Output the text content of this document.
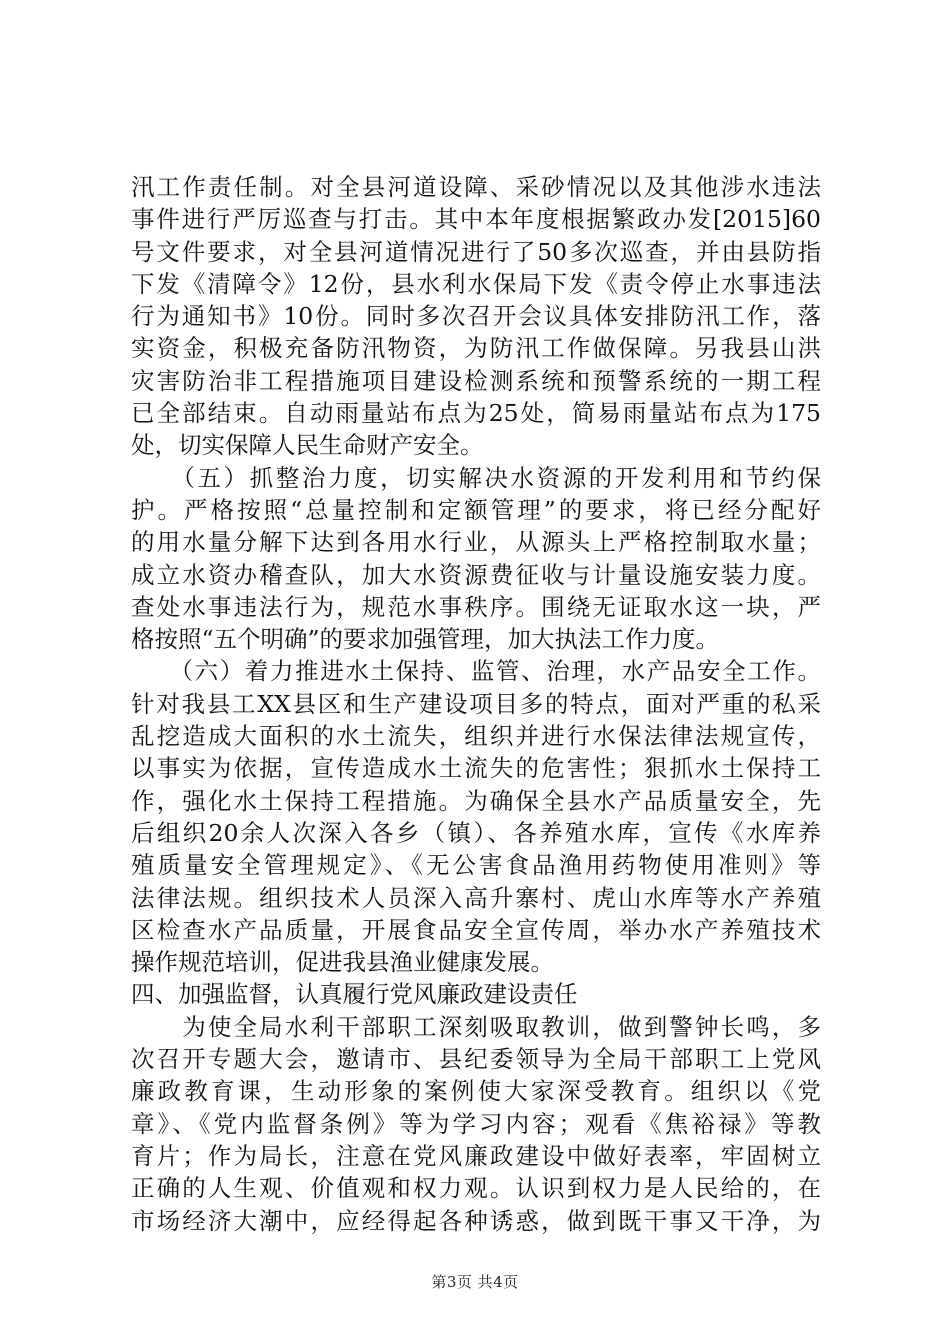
汛工作责任制。对全县河道设障、采砂情况以及其他涉水违法
事件进行严厉巡查与打击。其中本年度根据繁政办发[2015]60
号文件要求，对全县河道情况进行了50多次巡查，并由县防指
下发《清障令》12份，县水利水保局下发《责令停止水事违法
行为通知书》10份。同时多次召开会议具体安排防汛工作，落
实资金，积极充备防汛物资，为防汛工作做保障。另我县山洪
灾害防治非工程措施项目建设检测系统和预警系统的一期工程
已全部结束。自动雨量站布点为25处，简易雨量站布点为175
处，切实保障人民生命财产安全。
　　（五）抓整治力度，切实解决水资源的开发利用和节约保
护。严格按照“总量控制和定额管理”的要求，将已经分配好
的用水量分解下达到各用水行业，从源头上严格控制取水量；
成立水资办稽查队，加大水资源费征收与计量设施安装力度。
查处水事违法行为，规范水事秩序。围绕无证取水这一块，严
格按照“五个明确”的要求加强管理，加大执法工作力度。
　　（六）着力推进水土保持、监管、治理，水产品安全工作。
针对我县工XX县区和生产建设项目多的特点，面对严重的私采
乱挖造成大面积的水土流失，组织并进行水保法律法规宣传，
以事实为依据，宣传造成水土流失的危害性；狠抓水土保持工
作，强化水土保持工程措施。为确保全县水产品质量安全，先
后组织20余人次深入各乡（镇）、各养殖水库，宣传《水库养
殖质量安全管理规定》、《无公害食品渔用药物使用准则》等
法律法规。组织技术人员深入高升寨村、虎山水库等水产养殖
区检查水产品质量，开展食品安全宣传周，举办水产养殖技术
操作规范培训，促进我县渔业健康发展。
四、加强监督，认真履行党风廉政建设责任
　　为使全局水利干部职工深刻吸取教训，做到警钟长鸣，多
次召开专题大会，邀请市、县纪委领导为全局干部职工上党风
廉政教育课，生动形象的案例使大家深受教育。组织以《党
章》、《党内监督条例》等为学习内容；观看《焦裕禄》等教
育片；作为局长，注意在党风廉政建设中做好表率，牢固树立
正确的人生观、价值观和权力观。认识到权力是人民给的，在
市场经济大潮中，应经得起各种诱惑，做到既干事又干净，为
第3页 共4页
